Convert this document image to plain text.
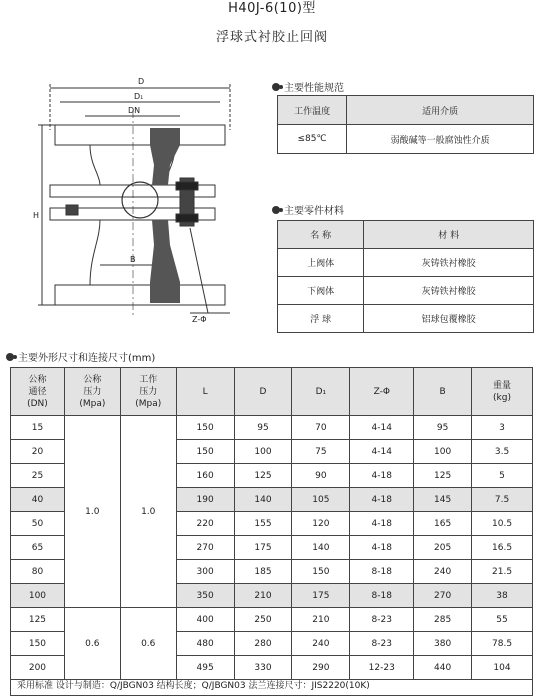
H40J-6(10)型
浮球式衬胶止回阀
D
D₁
DN
H
B
Z-Φ
主要性能规范
工作温度	适用介质
≤85℃	弱酸碱等一般腐蚀性介质
主要零件材料
名 称	材 料
上阀体	灰铸铁衬橡胶
下阀体	灰铸铁衬橡胶
浮 球	铝球包覆橡胶
主要外形尺寸和连接尺寸(mm)
公称
通径
(DN)	公称
压力
(Mpa)	工作
压力
(Mpa)	L	D	D₁	Z-Φ	B	重量
(kg)
15	1.0	1.0	150	95	70	4-14	95	3
20			150	100	75	4-14	100	3.5
25			160	125	90	4-18	125	5
40			190	140	105	4-18	145	7.5
50			220	155	120	4-18	165	10.5
65			270	175	140	4-18	205	16.5
80			300	185	150	8-18	240	21.5
100			350	210	175	8-18	270	38
125	0.6	0.6	400	250	210	8-23	285	55
150			480	280	240	8-23	380	78.5
200			495	330	290	12-23	440	104
采用标准 设计与制造：Q/JBGN03 结构长度；Q/JBGN03 法兰连接尺寸：JIS2220(10K)
